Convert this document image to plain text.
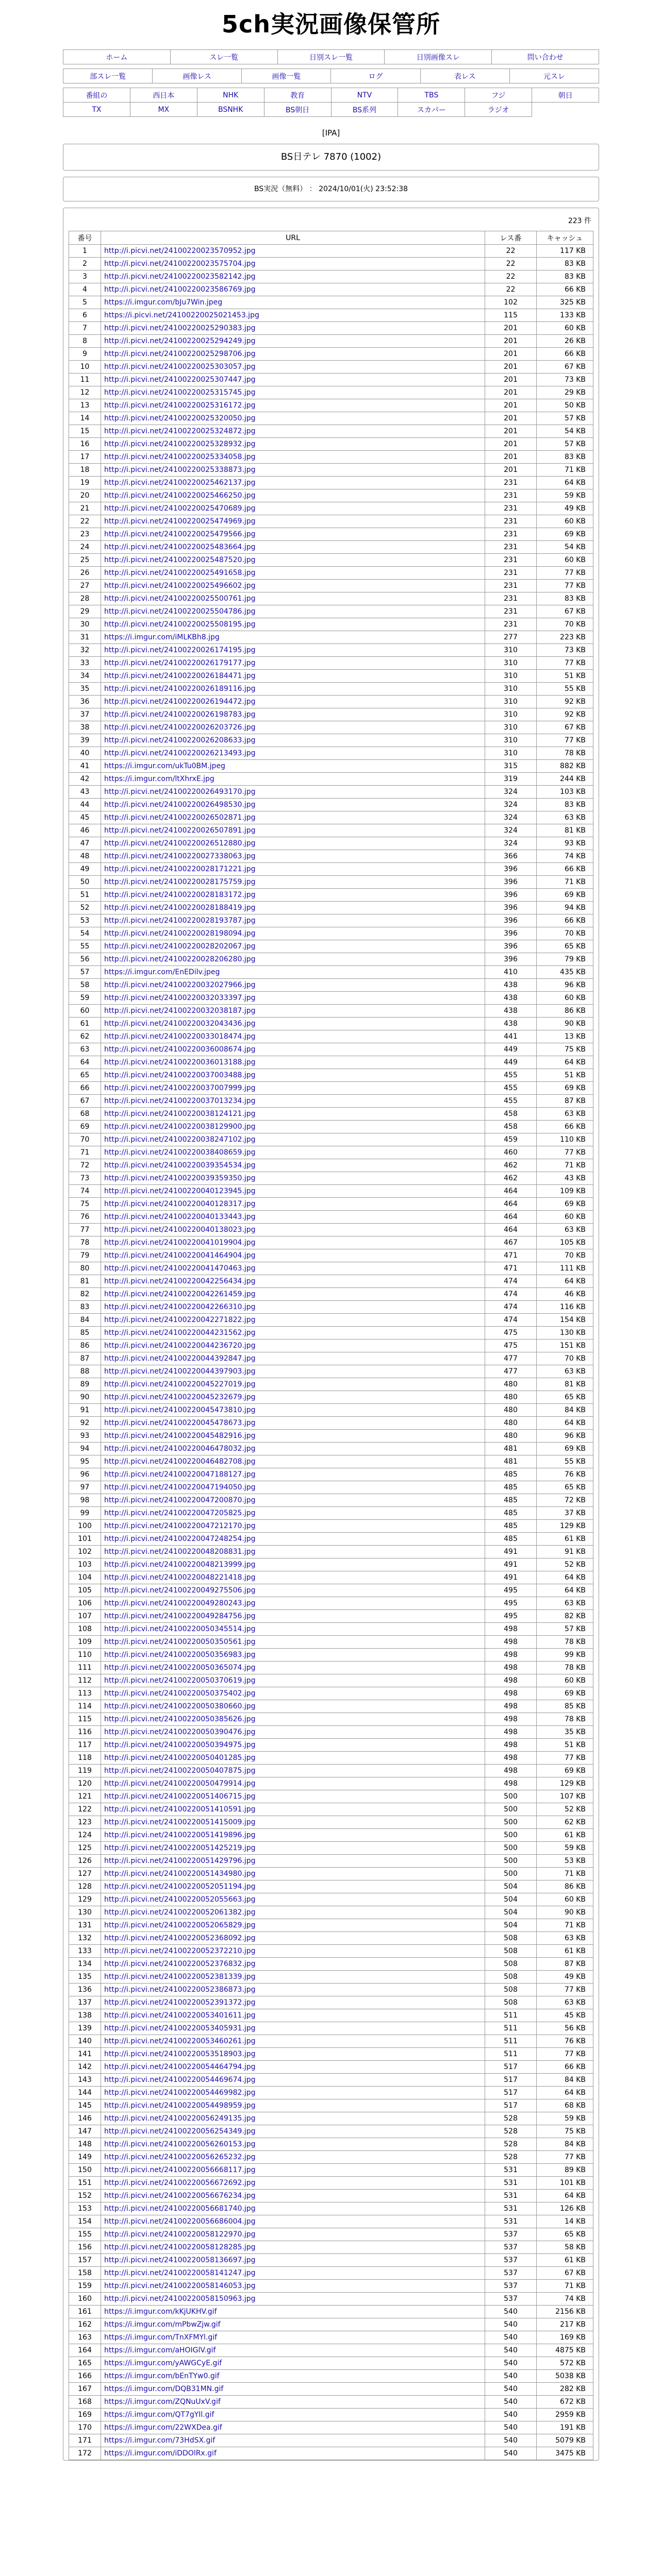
5ch実況画像保管所
ホーム	スレ一覧	日別スレ一覧	日別画像スレ	問い合わせ
部スレ一覧	画像レス	画像一覧	ログ	表レス	元スレ
番組の	西日本	NHK	教育	NTV	TBS	フジ	朝日
TX	MX	BSNHK	BS朝日	BS系列	スカパー	ラジオ	
[IPA]
BS日テレ 7870 (1002)
BS実況（無料） ： 2024/10/01(火) 23:52:38
223 件
番号	URL	レス番	キャッシュ
1	http://i.picvi.net/24100220023570952.jpg	22	117 KB
2	http://i.picvi.net/24100220023575704.jpg	22	83 KB
3	http://i.picvi.net/24100220023582142.jpg	22	83 KB
4	http://i.picvi.net/24100220023586769.jpg	22	66 KB
5	https://i.imgur.com/bJu7Win.jpeg	102	325 KB
6	https://i.picvi.net/24100220025021453.jpg	115	133 KB
7	http://i.picvi.net/24100220025290383.jpg	201	60 KB
8	http://i.picvi.net/24100220025294249.jpg	201	26 KB
9	http://i.picvi.net/24100220025298706.jpg	201	66 KB
10	http://i.picvi.net/24100220025303057.jpg	201	67 KB
11	http://i.picvi.net/24100220025307447.jpg	201	73 KB
12	http://i.picvi.net/24100220025315745.jpg	201	29 KB
13	http://i.picvi.net/24100220025316172.jpg	201	50 KB
14	http://i.picvi.net/24100220025320050.jpg	201	57 KB
15	http://i.picvi.net/24100220025324872.jpg	201	54 KB
16	http://i.picvi.net/24100220025328932.jpg	201	57 KB
17	http://i.picvi.net/24100220025334058.jpg	201	83 KB
18	http://i.picvi.net/24100220025338873.jpg	201	71 KB
19	http://i.picvi.net/24100220025462137.jpg	231	64 KB
20	http://i.picvi.net/24100220025466250.jpg	231	59 KB
21	http://i.picvi.net/24100220025470689.jpg	231	49 KB
22	http://i.picvi.net/24100220025474969.jpg	231	60 KB
23	http://i.picvi.net/24100220025479566.jpg	231	69 KB
24	http://i.picvi.net/24100220025483664.jpg	231	54 KB
25	http://i.picvi.net/24100220025487520.jpg	231	60 KB
26	http://i.picvi.net/24100220025491658.jpg	231	77 KB
27	http://i.picvi.net/24100220025496602.jpg	231	77 KB
28	http://i.picvi.net/24100220025500761.jpg	231	83 KB
29	http://i.picvi.net/24100220025504786.jpg	231	67 KB
30	http://i.picvi.net/24100220025508195.jpg	231	70 KB
31	https://i.imgur.com/iMLKBh8.jpg	277	223 KB
32	http://i.picvi.net/24100220026174195.jpg	310	73 KB
33	http://i.picvi.net/24100220026179177.jpg	310	77 KB
34	http://i.picvi.net/24100220026184471.jpg	310	51 KB
35	http://i.picvi.net/24100220026189116.jpg	310	55 KB
36	http://i.picvi.net/24100220026194472.jpg	310	92 KB
37	http://i.picvi.net/24100220026198783.jpg	310	92 KB
38	http://i.picvi.net/24100220026203726.jpg	310	67 KB
39	http://i.picvi.net/24100220026208633.jpg	310	77 KB
40	http://i.picvi.net/24100220026213493.jpg	310	78 KB
41	https://i.imgur.com/ukTu0BM.jpeg	315	882 KB
42	https://i.imgur.com/ltXhrxE.jpg	319	244 KB
43	http://i.picvi.net/24100220026493170.jpg	324	103 KB
44	http://i.picvi.net/24100220026498530.jpg	324	83 KB
45	http://i.picvi.net/24100220026502871.jpg	324	63 KB
46	http://i.picvi.net/24100220026507891.jpg	324	81 KB
47	http://i.picvi.net/24100220026512880.jpg	324	93 KB
48	http://i.picvi.net/24100220027338063.jpg	366	74 KB
49	http://i.picvi.net/24100220028171221.jpg	396	66 KB
50	http://i.picvi.net/24100220028175759.jpg	396	71 KB
51	http://i.picvi.net/24100220028183172.jpg	396	69 KB
52	http://i.picvi.net/24100220028188419.jpg	396	94 KB
53	http://i.picvi.net/24100220028193787.jpg	396	66 KB
54	http://i.picvi.net/24100220028198094.jpg	396	70 KB
55	http://i.picvi.net/24100220028202067.jpg	396	65 KB
56	http://i.picvi.net/24100220028206280.jpg	396	79 KB
57	https://i.imgur.com/EnEDilv.jpeg	410	435 KB
58	http://i.picvi.net/24100220032027966.jpg	438	96 KB
59	http://i.picvi.net/24100220032033397.jpg	438	60 KB
60	http://i.picvi.net/24100220032038187.jpg	438	86 KB
61	http://i.picvi.net/24100220032043436.jpg	438	90 KB
62	http://i.picvi.net/24100220033018474.jpg	441	13 KB
63	http://i.picvi.net/24100220036008674.jpg	449	75 KB
64	http://i.picvi.net/24100220036013188.jpg	449	64 KB
65	http://i.picvi.net/24100220037003488.jpg	455	51 KB
66	http://i.picvi.net/24100220037007999.jpg	455	69 KB
67	http://i.picvi.net/24100220037013234.jpg	455	87 KB
68	http://i.picvi.net/24100220038124121.jpg	458	63 KB
69	http://i.picvi.net/24100220038129900.jpg	458	66 KB
70	http://i.picvi.net/24100220038247102.jpg	459	110 KB
71	http://i.picvi.net/24100220038408659.jpg	460	77 KB
72	http://i.picvi.net/24100220039354534.jpg	462	71 KB
73	http://i.picvi.net/24100220039359350.jpg	462	43 KB
74	http://i.picvi.net/24100220040123945.jpg	464	109 KB
75	http://i.picvi.net/24100220040128317.jpg	464	69 KB
76	http://i.picvi.net/24100220040133443.jpg	464	60 KB
77	http://i.picvi.net/24100220040138023.jpg	464	63 KB
78	http://i.picvi.net/24100220041019904.jpg	467	105 KB
79	http://i.picvi.net/24100220041464904.jpg	471	70 KB
80	http://i.picvi.net/24100220041470463.jpg	471	111 KB
81	http://i.picvi.net/24100220042256434.jpg	474	64 KB
82	http://i.picvi.net/24100220042261459.jpg	474	46 KB
83	http://i.picvi.net/24100220042266310.jpg	474	116 KB
84	http://i.picvi.net/24100220042271822.jpg	474	154 KB
85	http://i.picvi.net/24100220044231562.jpg	475	130 KB
86	http://i.picvi.net/24100220044236720.jpg	475	151 KB
87	http://i.picvi.net/24100220044392847.jpg	477	70 KB
88	http://i.picvi.net/24100220044397903.jpg	477	63 KB
89	http://i.picvi.net/24100220045227019.jpg	480	81 KB
90	http://i.picvi.net/24100220045232679.jpg	480	65 KB
91	http://i.picvi.net/24100220045473810.jpg	480	84 KB
92	http://i.picvi.net/24100220045478673.jpg	480	64 KB
93	http://i.picvi.net/24100220045482916.jpg	480	96 KB
94	http://i.picvi.net/24100220046478032.jpg	481	69 KB
95	http://i.picvi.net/24100220046482708.jpg	481	55 KB
96	http://i.picvi.net/24100220047188127.jpg	485	76 KB
97	http://i.picvi.net/24100220047194050.jpg	485	65 KB
98	http://i.picvi.net/24100220047200870.jpg	485	72 KB
99	http://i.picvi.net/24100220047205825.jpg	485	37 KB
100	http://i.picvi.net/24100220047212170.jpg	485	129 KB
101	http://i.picvi.net/24100220047248254.jpg	485	61 KB
102	http://i.picvi.net/24100220048208831.jpg	491	91 KB
103	http://i.picvi.net/24100220048213999.jpg	491	52 KB
104	http://i.picvi.net/24100220048221418.jpg	491	64 KB
105	http://i.picvi.net/24100220049275506.jpg	495	64 KB
106	http://i.picvi.net/24100220049280243.jpg	495	63 KB
107	http://i.picvi.net/24100220049284756.jpg	495	82 KB
108	http://i.picvi.net/24100220050345514.jpg	498	57 KB
109	http://i.picvi.net/24100220050350561.jpg	498	78 KB
110	http://i.picvi.net/24100220050356983.jpg	498	99 KB
111	http://i.picvi.net/24100220050365074.jpg	498	78 KB
112	http://i.picvi.net/24100220050370619.jpg	498	60 KB
113	http://i.picvi.net/24100220050375402.jpg	498	69 KB
114	http://i.picvi.net/24100220050380660.jpg	498	85 KB
115	http://i.picvi.net/24100220050385626.jpg	498	78 KB
116	http://i.picvi.net/24100220050390476.jpg	498	35 KB
117	http://i.picvi.net/24100220050394975.jpg	498	51 KB
118	http://i.picvi.net/24100220050401285.jpg	498	77 KB
119	http://i.picvi.net/24100220050407875.jpg	498	69 KB
120	http://i.picvi.net/24100220050479914.jpg	498	129 KB
121	http://i.picvi.net/24100220051406715.jpg	500	107 KB
122	http://i.picvi.net/24100220051410591.jpg	500	52 KB
123	http://i.picvi.net/24100220051415009.jpg	500	62 KB
124	http://i.picvi.net/24100220051419896.jpg	500	61 KB
125	http://i.picvi.net/24100220051425219.jpg	500	59 KB
126	http://i.picvi.net/24100220051429796.jpg	500	53 KB
127	http://i.picvi.net/24100220051434980.jpg	500	71 KB
128	http://i.picvi.net/24100220052051194.jpg	504	86 KB
129	http://i.picvi.net/24100220052055663.jpg	504	60 KB
130	http://i.picvi.net/24100220052061382.jpg	504	90 KB
131	http://i.picvi.net/24100220052065829.jpg	504	71 KB
132	http://i.picvi.net/24100220052368092.jpg	508	63 KB
133	http://i.picvi.net/24100220052372210.jpg	508	61 KB
134	http://i.picvi.net/24100220052376832.jpg	508	87 KB
135	http://i.picvi.net/24100220052381339.jpg	508	49 KB
136	http://i.picvi.net/24100220052386873.jpg	508	77 KB
137	http://i.picvi.net/24100220052391372.jpg	508	63 KB
138	http://i.picvi.net/24100220053401611.jpg	511	45 KB
139	http://i.picvi.net/24100220053405931.jpg	511	56 KB
140	http://i.picvi.net/24100220053460261.jpg	511	76 KB
141	http://i.picvi.net/24100220053518903.jpg	511	77 KB
142	http://i.picvi.net/24100220054464794.jpg	517	66 KB
143	http://i.picvi.net/24100220054469674.jpg	517	84 KB
144	http://i.picvi.net/24100220054469982.jpg	517	64 KB
145	http://i.picvi.net/24100220054498959.jpg	517	68 KB
146	http://i.picvi.net/24100220056249135.jpg	528	59 KB
147	http://i.picvi.net/24100220056254349.jpg	528	75 KB
148	http://i.picvi.net/24100220056260153.jpg	528	84 KB
149	http://i.picvi.net/24100220056265232.jpg	528	77 KB
150	http://i.picvi.net/24100220056668117.jpg	531	89 KB
151	http://i.picvi.net/24100220056672692.jpg	531	101 KB
152	http://i.picvi.net/24100220056676234.jpg	531	64 KB
153	http://i.picvi.net/24100220056681740.jpg	531	126 KB
154	http://i.picvi.net/24100220056686004.jpg	531	14 KB
155	http://i.picvi.net/24100220058122970.jpg	537	65 KB
156	http://i.picvi.net/24100220058128285.jpg	537	58 KB
157	http://i.picvi.net/24100220058136697.jpg	537	61 KB
158	http://i.picvi.net/24100220058141247.jpg	537	67 KB
159	http://i.picvi.net/24100220058146053.jpg	537	71 KB
160	http://i.picvi.net/24100220058150963.jpg	537	74 KB
161	https://i.imgur.com/kKjUKHV.gif	540	2156 KB
162	https://i.imgur.com/mPbwZjw.gif	540	217 KB
163	https://i.imgur.com/TnXFMYl.gif	540	169 KB
164	https://i.imgur.com/aHOIGlV.gif	540	4875 KB
165	https://i.imgur.com/yAWGCyE.gif	540	572 KB
166	https://i.imgur.com/bEnTYw0.gif	540	5038 KB
167	https://i.imgur.com/DQB31MN.gif	540	282 KB
168	https://i.imgur.com/ZQNuUxV.gif	540	672 KB
169	https://i.imgur.com/QT7gYIl.gif	540	2959 KB
170	https://i.imgur.com/22WXDea.gif	540	191 KB
171	https://i.imgur.com/73HdSX.gif	540	5079 KB
172	https://i.imgur.com/iDDOlRx.gif	540	3475 KB
